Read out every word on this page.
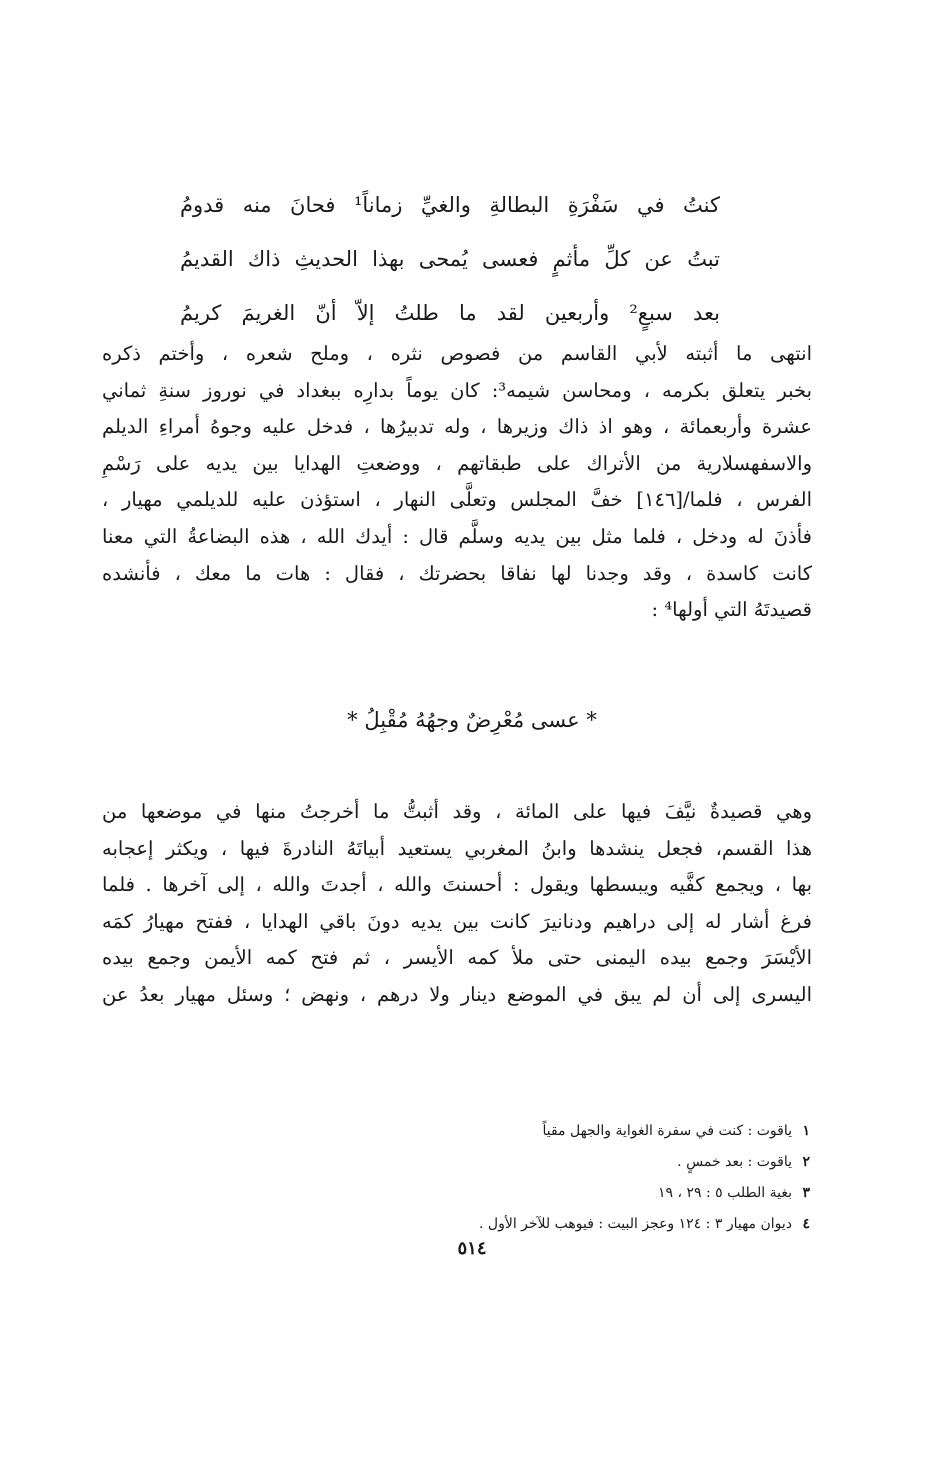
كنتُ في سَفْرَةِ البطالةِ والغيِّ زماناً¹ فحانَ منه قدومُ
تبتُ عن كلِّ مأثمٍ فعسى يُمحى بهذا الحديثِ ذاك القديمُ
بعد سبعٍ² وأربعين لقد ما طلتُ إلاّ أنّ الغريمَ كريمُ
انتهى ما أثبته لأبي القاسم من فصوص نثره ، وملح شعره ، وأختم ذكره
بخبر يتعلق بكرمه ، ومحاسن شيمه³: كان يوماً بدارِه ببغداد في نوروز سنةِ ثماني
عشرة وأربعمائة ، وهو اذ ذاك وزيرها ، وله تدبيرُها ، فدخل عليه وجوهُ أمراءِ الديلم
والاسفهسلارية من الأتراك على طبقاتهم ، ووضعتِ الهدايا بين يديه على رَسْمِ
الفرس ، فلما/[١٤٦] خفَّ المجلس وتعلَّى النهار ، استؤذن عليه للديلمي مهيار ،
فأذنَ له ودخل ، فلما مثل بين يديه وسلَّم قال : أيدك الله ، هذه البضاعةُ التي معنا
كانت كاسدة ، وقد وجدنا لها نفاقا بحضرتك ، فقال : هات ما معك ، فأنشده
قصيدتَهُ التي أولها⁴ :
* عسى مُعْرِضٌ وجهُهُ مُقْبِلُ *
وهي قصيدةٌ نيَّفَ فيها على المائة ، وقد أثبتُّ ما أخرجتُ منها في موضعها من
هذا القسم، فجعل ينشدها وابنُ المغربي يستعيد أبياتَهُ النادرةَ فيها ، ويكثر إعجابه
بها ، ويجمع كفَّيه ويبسطها ويقول : أحسنتَ والله ، أجدتَ والله ، إلى آخرها . فلما
فرغ أشار له إلى دراهيم ودنانيرَ كانت بين يديه دونَ باقي الهدايا ، ففتح مهيارُ كمَه
الأيْسَرَ وجمع بيده اليمنى حتى ملأ كمه الأيسر ، ثم فتح كمه الأيمن وجمع بيده
اليسرى إلى أن لم يبق في الموضع دينار ولا درهم ، ونهض ؛ وسئل مهيار بعدُ عن
١ ياقوت : كنت في سفرة الغواية والجهل مقياً
٢ ياقوت : بعد خمسٍ .
٣ بغية الطلب ٥ : ٢٩ ، ١٩
٤ ديوان مهيار ٣ : ١٢٤ وعجز البيت : فيوهب للآخر الأول .
٥١٤
